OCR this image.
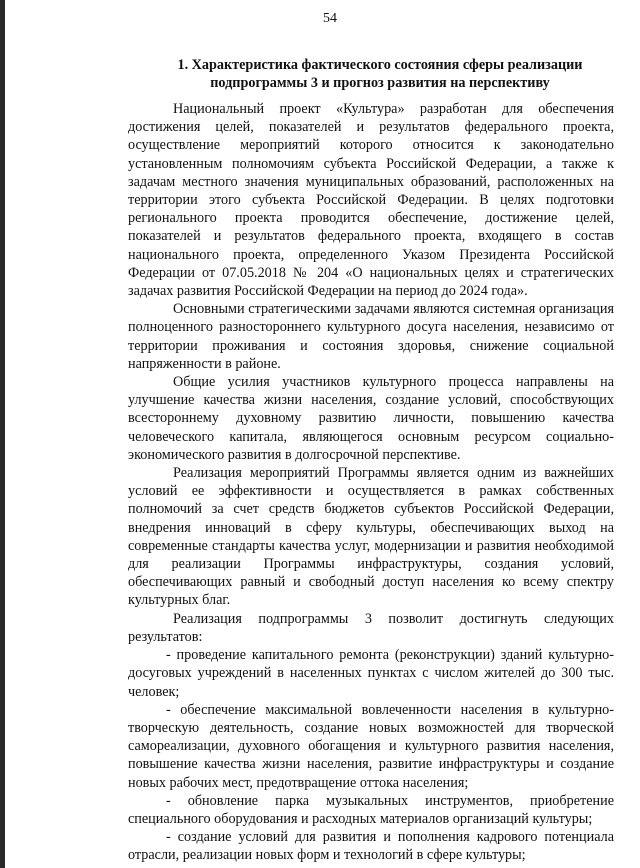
54
1. Характеристика фактического состояния сферы реализации
подпрограммы 3 и прогноз развития на перспективу

Национальный проект «Культура» разработан для обеспечения достижения целей, показателей и результатов федерального проекта, осуществление мероприятий которого относится к законодательно установленным полномочиям субъекта Российской Федерации, а также к задачам местного значения муниципальных образований, расположенных на территории этого субъекта Российской Федерации. В целях подготовки регионального проекта проводится обеспечение, достижение целей, показателей и результатов федерального проекта, входящего в состав национального проекта, определенного Указом Президента Российской Федерации от 07.05.2018 № 204 «О национальных целях и стратегических задачах развития Российской Федерации на период до 2024 года».

Основными стратегическими задачами являются системная организация полноценного разностороннего культурного досуга населения, независимо от территории проживания и состояния здоровья, снижение социальной напряженности в районе.

Общие усилия участников культурного процесса направлены на улучшение качества жизни населения, создание условий, способствующих всестороннему духовному развитию личности, повышению качества человеческого капитала, являющегося основным ресурсом социально-экономического развития в долгосрочной перспективе.

Реализация мероприятий Программы является одним из важнейших условий ее эффективности и осуществляется в рамках собственных полномочий за счет средств бюджетов субъектов Российской Федерации, внедрения инноваций в сферу культуры, обеспечивающих выход на современные стандарты качества услуг, модернизации и развития необходимой для реализации Программы инфраструктуры, создания условий, обеспечивающих равный и свободный доступ населения ко всему спектру культурных благ.

Реализация подпрограммы 3 позволит достигнуть следующих результатов:

- проведение капитального ремонта (реконструкции) зданий культурно-досуговых учреждений в населенных пунктах с числом жителей до 300 тыс. человек;

- обеспечение максимальной вовлеченности населения в культурно-творческую деятельность, создание новых возможностей для творческой самореализации, духовного обогащения и культурного развития населения, повышение качества жизни населения, развитие инфраструктуры и создание новых рабочих мест, предотвращение оттока населения;

- обновление парка музыкальных инструментов, приобретение специального оборудования и расходных материалов организаций культуры;

- создание условий для развития и пополнения кадрового потенциала отрасли, реализации новых форм и технологий в сфере культуры;
